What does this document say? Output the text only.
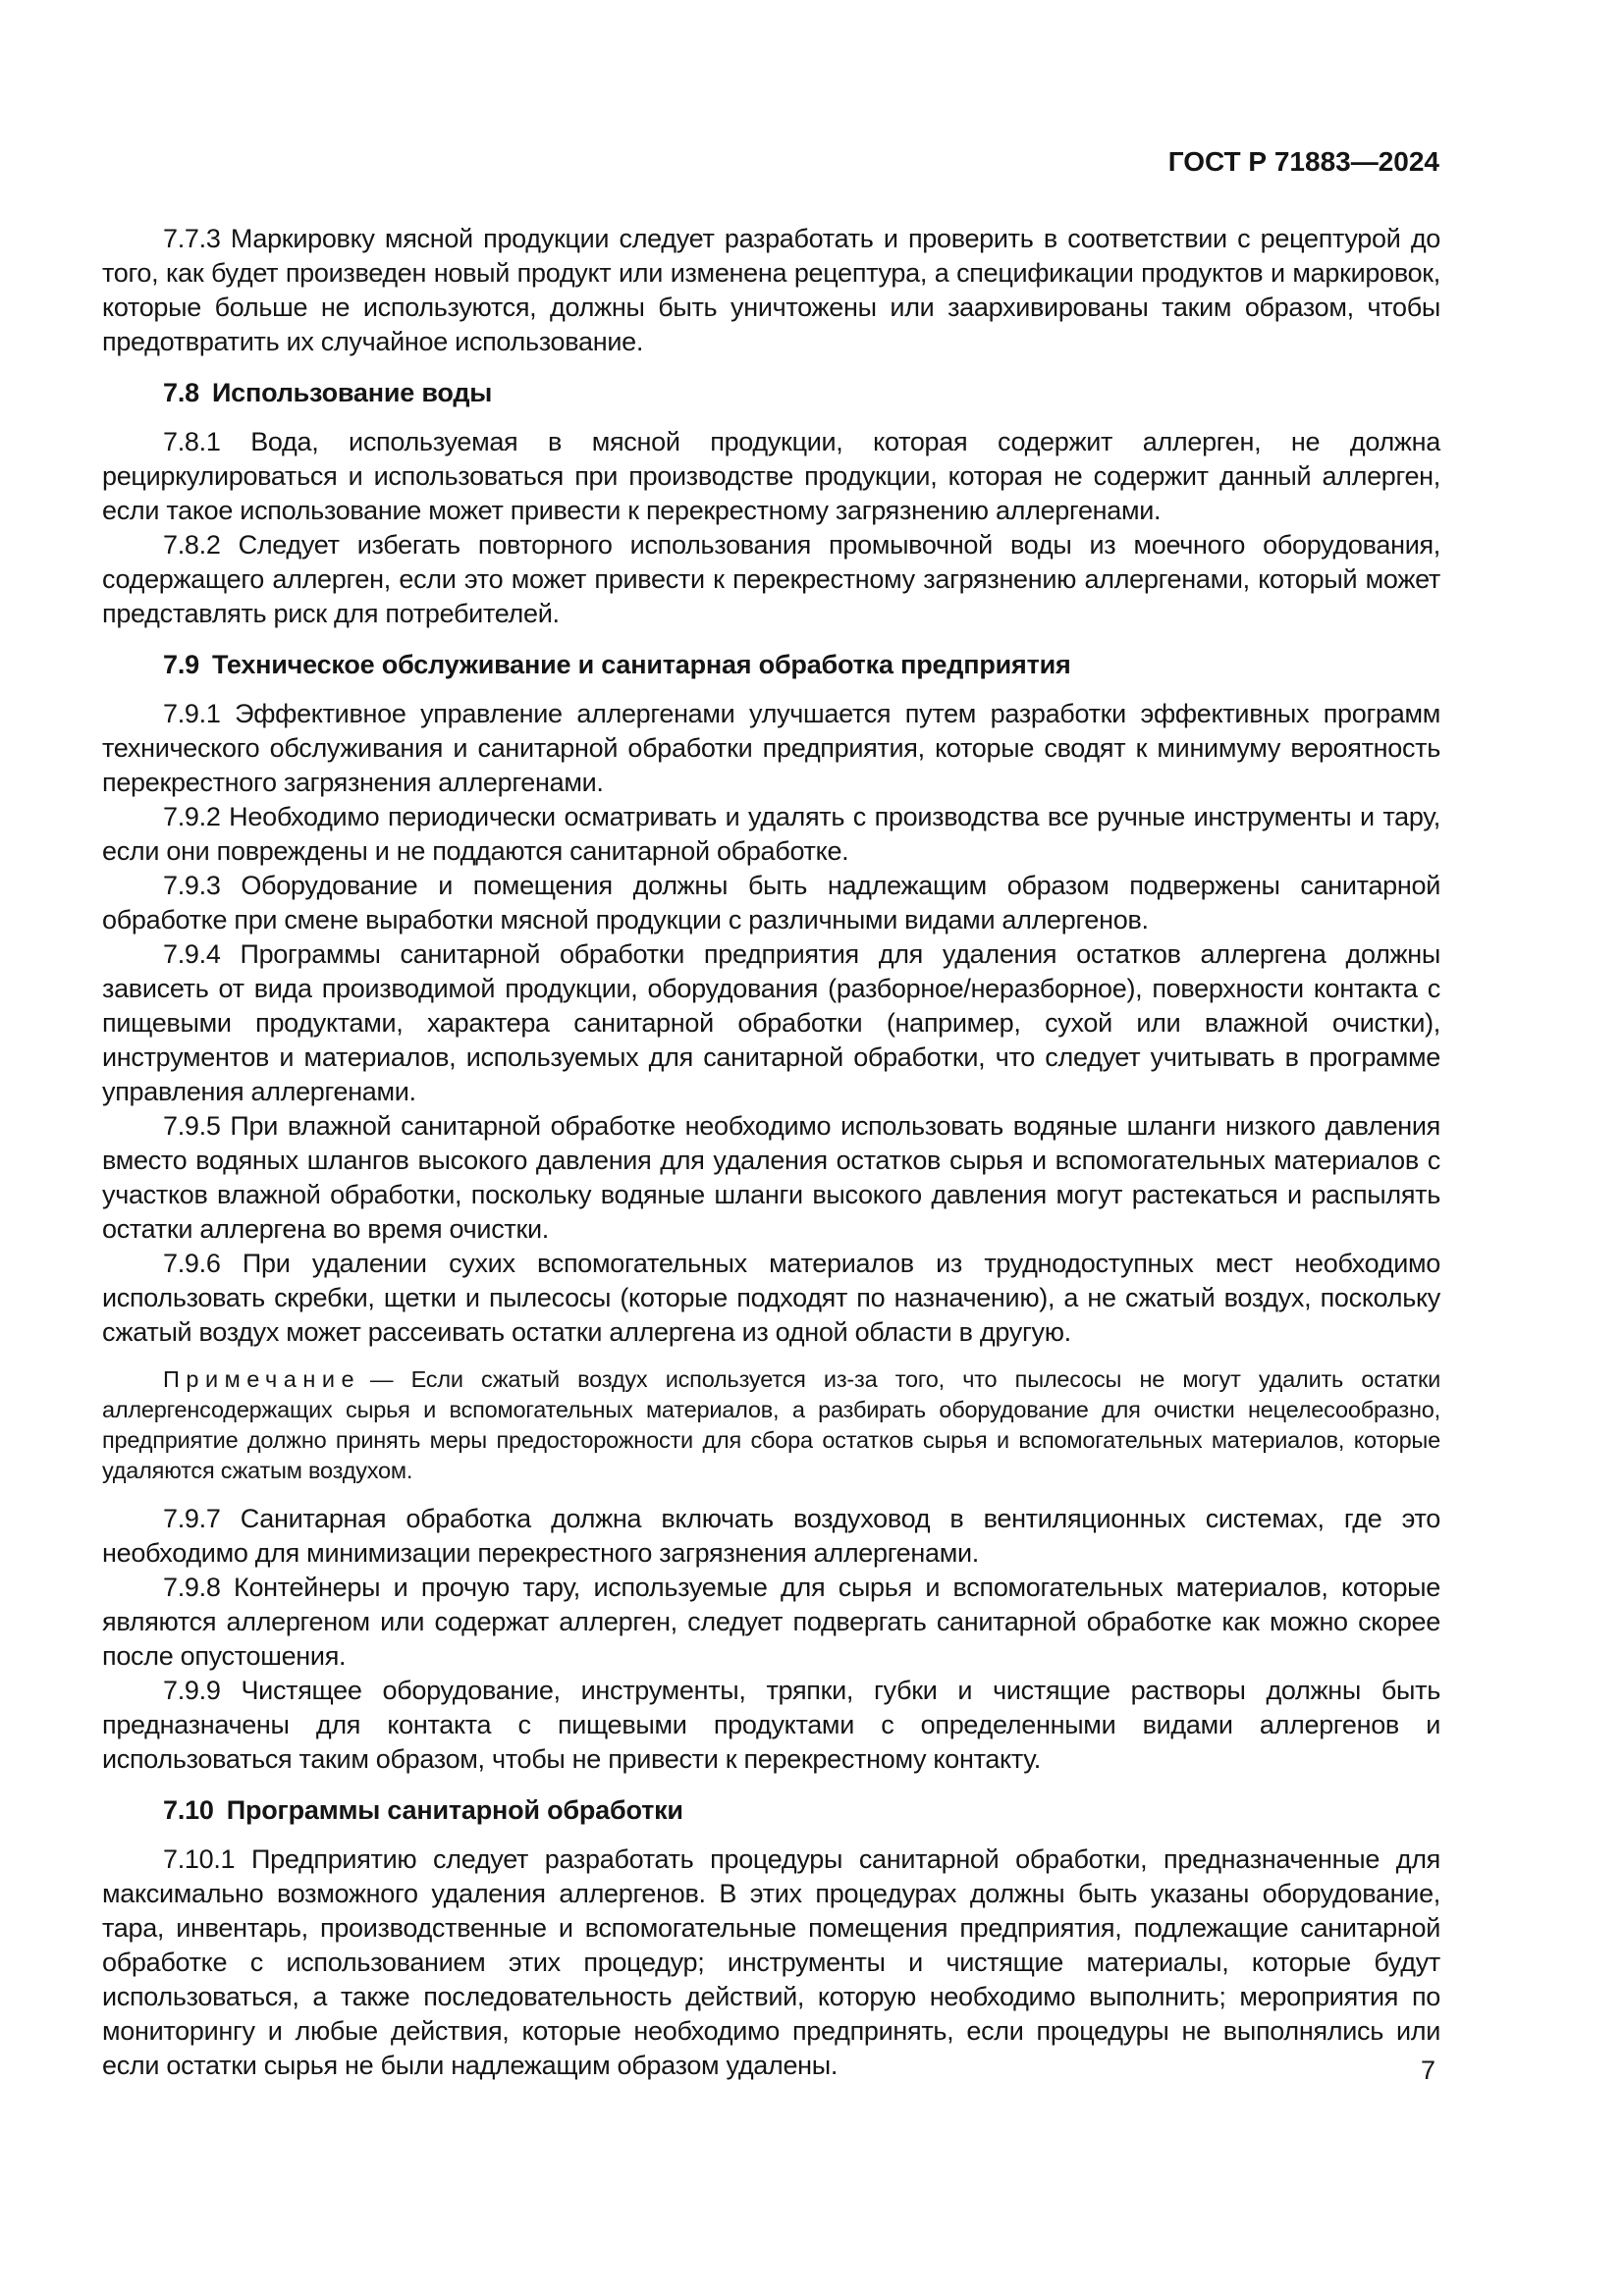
ГОСТ Р 71883—2024

7.7.3 Маркировку мясной продукции следует разработать и проверить в соответствии с рецептурой до того, как будет произведен новый продукт или изменена рецептура, а спецификации продуктов и маркировок, которые больше не используются, должны быть уничтожены или заархивированы таким образом, чтобы предотвратить их случайное использование.

7.8 Использование воды

7.8.1 Вода, используемая в мясной продукции, которая содержит аллерген, не должна рециркулироваться и использоваться при производстве продукции, которая не содержит данный аллерген, если такое использование может привести к перекрестному загрязнению аллергенами.

7.8.2 Следует избегать повторного использования промывочной воды из моечного оборудования, содержащего аллерген, если это может привести к перекрестному загрязнению аллергенами, который может представлять риск для потребителей.

7.9 Техническое обслуживание и санитарная обработка предприятия

7.9.1 Эффективное управление аллергенами улучшается путем разработки эффективных программ технического обслуживания и санитарной обработки предприятия, которые сводят к минимуму вероятность перекрестного загрязнения аллергенами.

7.9.2 Необходимо периодически осматривать и удалять с производства все ручные инструменты и тару, если они повреждены и не поддаются санитарной обработке.

7.9.3 Оборудование и помещения должны быть надлежащим образом подвержены санитарной обработке при смене выработки мясной продукции с различными видами аллергенов.

7.9.4 Программы санитарной обработки предприятия для удаления остатков аллергена должны зависеть от вида производимой продукции, оборудования (разборное/неразборное), поверхности контакта с пищевыми продуктами, характера санитарной обработки (например, сухой или влажной очистки), инструментов и материалов, используемых для санитарной обработки, что следует учитывать в программе управления аллергенами.

7.9.5 При влажной санитарной обработке необходимо использовать водяные шланги низкого давления вместо водяных шлангов высокого давления для удаления остатков сырья и вспомогательных материалов с участков влажной обработки, поскольку водяные шланги высокого давления могут растекаться и распылять остатки аллергена во время очистки.

7.9.6 При удалении сухих вспомогательных материалов из труднодоступных мест необходимо использовать скребки, щетки и пылесосы (которые подходят по назначению), а не сжатый воздух, поскольку сжатый воздух может рассеивать остатки аллергена из одной области в другую.

Примечание — Если сжатый воздух используется из-за того, что пылесосы не могут удалить остатки аллергенсодержащих сырья и вспомогательных материалов, а разбирать оборудование для очистки нецелесообразно, предприятие должно принять меры предосторожности для сбора остатков сырья и вспомогательных материалов, которые удаляются сжатым воздухом.

7.9.7 Санитарная обработка должна включать воздуховод в вентиляционных системах, где это необходимо для минимизации перекрестного загрязнения аллергенами.

7.9.8 Контейнеры и прочую тару, используемые для сырья и вспомогательных материалов, которые являются аллергеном или содержат аллерген, следует подвергать санитарной обработке как можно скорее после опустошения.

7.9.9 Чистящее оборудование, инструменты, тряпки, губки и чистящие растворы должны быть предназначены для контакта с пищевыми продуктами с определенными видами аллергенов и использоваться таким образом, чтобы не привести к перекрестному контакту.

7.10 Программы санитарной обработки

7.10.1 Предприятию следует разработать процедуры санитарной обработки, предназначенные для максимально возможного удаления аллергенов. В этих процедурах должны быть указаны оборудование, тара, инвентарь, производственные и вспомогательные помещения предприятия, подлежащие санитарной обработке с использованием этих процедур; инструменты и чистящие материалы, которые будут использоваться, а также последовательность действий, которую необходимо выполнить; мероприятия по мониторингу и любые действия, которые необходимо предпринять, если процедуры не выполнялись или если остатки сырья не были надлежащим образом удалены.	7
